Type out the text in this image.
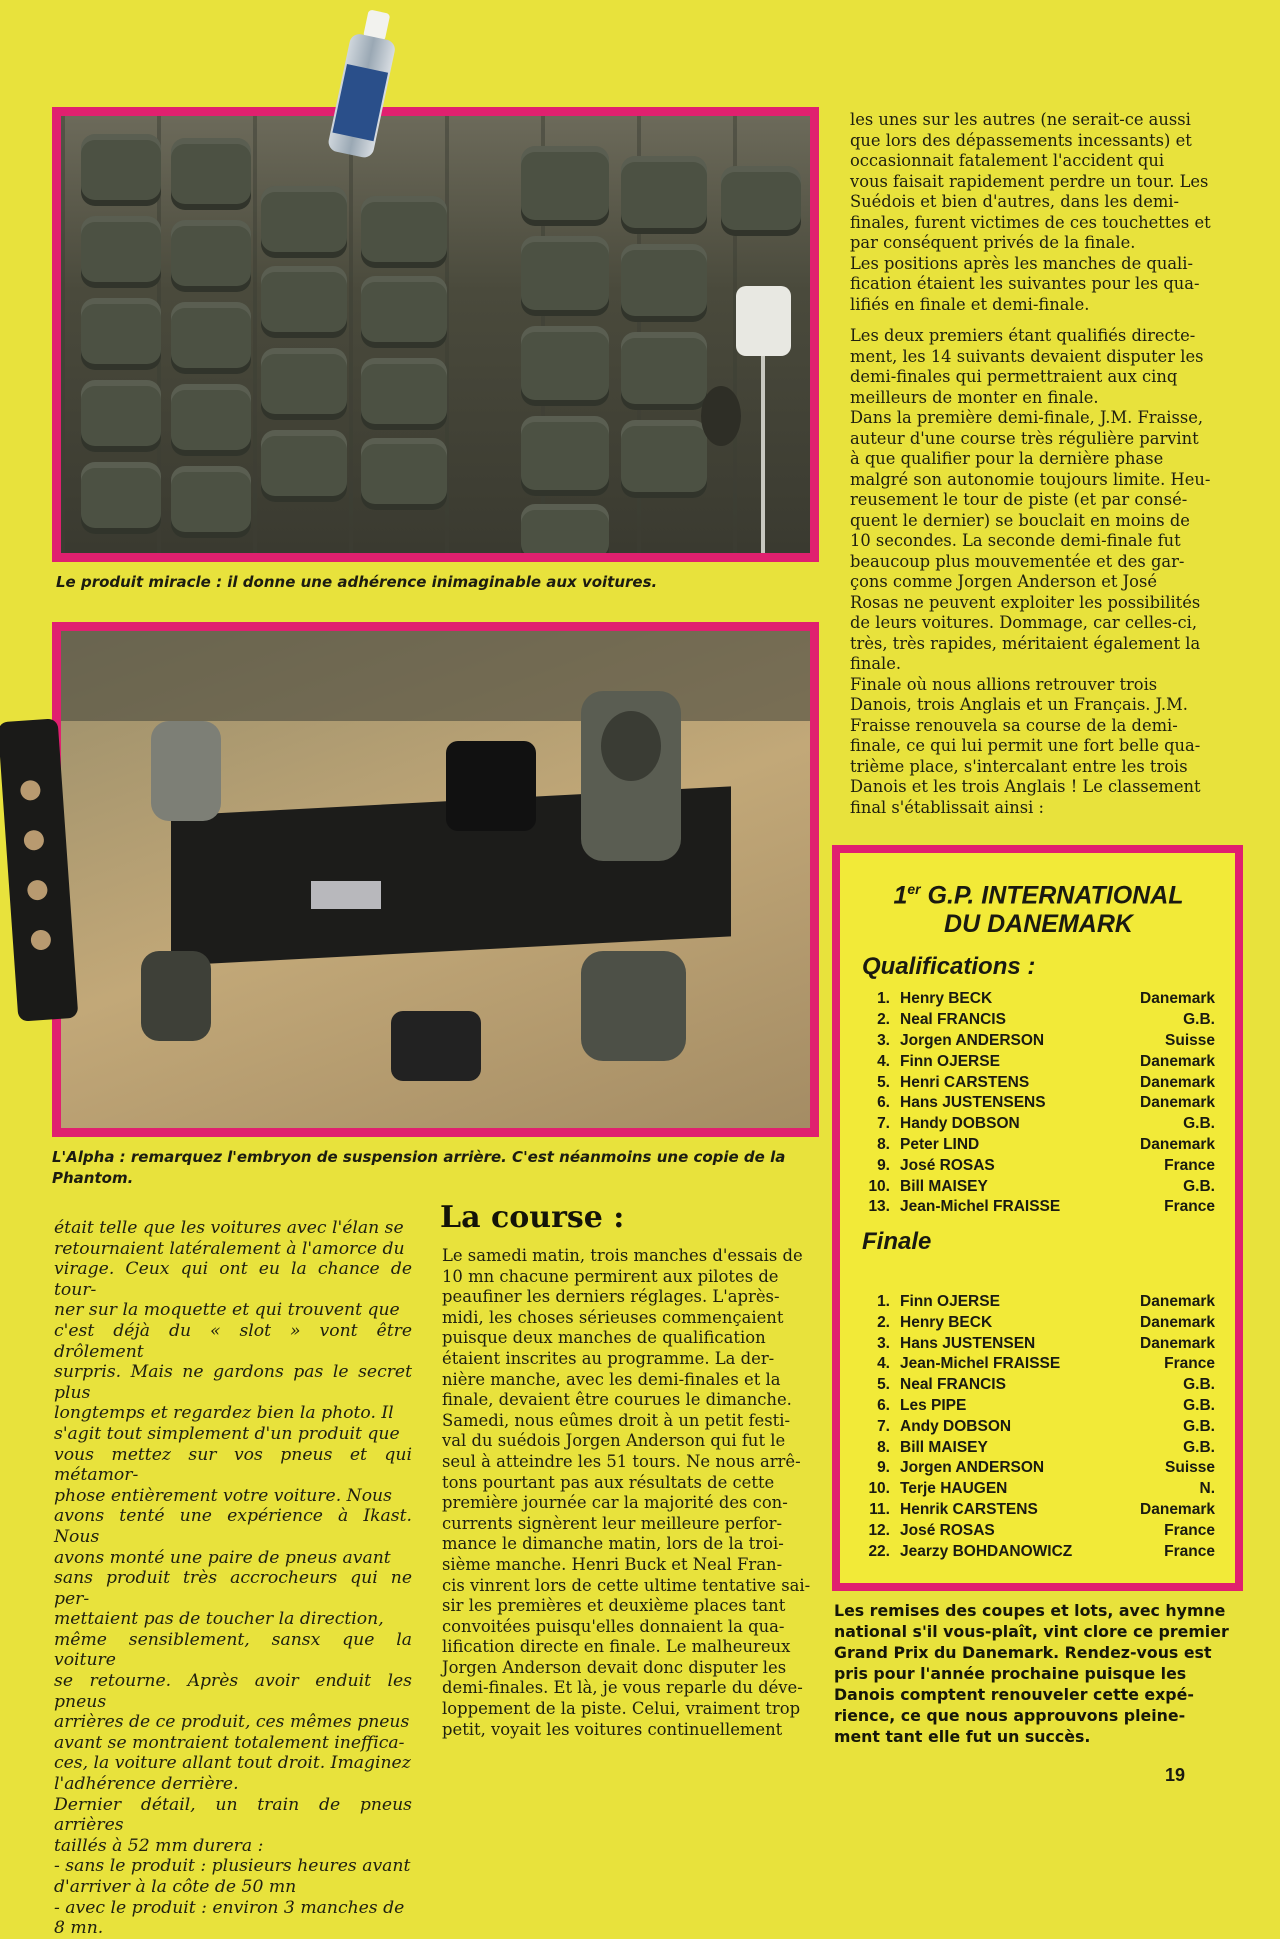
Le produit miracle : il donne une adhérence inimaginable aux voitures.
L'Alpha : remarquez l'embryon de suspension arrière. C'est néanmoins une copie de la
Phantom.
était telle que les voitures avec l'élan se
retournaient latéralement à l'amorce du
virage. Ceux qui ont eu la chance de tour-
ner sur la moquette et qui trouvent que
c'est déjà du « slot » vont être drôlement
surpris. Mais ne gardons pas le secret plus
longtemps et regardez bien la photo. Il
s'agit tout simplement d'un produit que
vous mettez sur vos pneus et qui métamor-
phose entièrement votre voiture. Nous
avons tenté une expérience à Ikast. Nous
avons monté une paire de pneus avant
sans produit très accrocheurs qui ne per-
mettaient pas de toucher la direction,
même sensiblement, sansx que la voiture
se retourne. Après avoir enduit les pneus
arrières de ce produit, ces mêmes pneus
avant se montraient totalement inefficа-
ces, la voiture allant tout droit. Imaginez
l'adhérence derrière.
Dernier détail, un train de pneus arrières
taillés à 52 mm durera :
- sans le produit : plusieurs heures avant
d'arriver à la côte de 50 mn
- avec le produit : environ 3 manches de
8 mn.
La course :
Le samedi matin, trois manches d'essais de
10 mn chacune permirent aux pilotes de
peaufiner les derniers réglages. L'après-
midi, les choses sérieuses commençaient
puisque deux manches de qualification
étaient inscrites au programme. La der-
nière manche, avec les demi-finales et la
finale, devaient être courues le dimanche.
Samedi, nous eûmes droit à un petit festi-
val du suédois Jorgen Anderson qui fut le
seul à atteindre les 51 tours. Ne nous arrê-
tons pourtant pas aux résultats de cette
première journée car la majorité des con-
currents signèrent leur meilleure perfor-
mance le dimanche matin, lors de la troi-
sième manche. Henri Buck et Neal Fran-
cis vinrent lors de cette ultime tentative sai-
sir les premières et deuxième places tant
convoitées puisqu'elles donnaient la qua-
lification directe en finale. Le malheureux
Jorgen Anderson devait donc disputer les
demi-finales. Et là, je vous reparle du déve-
loppement de la piste. Celui, vraiment trop
petit, voyait les voitures continuellement
les unes sur les autres (ne serait-ce aussi
que lors des dépassements incessants) et
occasionnait fatalement l'accident qui
vous faisait rapidement perdre un tour. Les
Suédois et bien d'autres, dans les demi-
finales, furent victimes de ces touchettes et
par conséquent privés de la finale.
Les positions après les manches de quali-
fication étaient les suivantes pour les qua-
lifiés en finale et demi-finale.
Les deux premiers étant qualifiés directe-
ment, les 14 suivants devaient disputer les
demi-finales qui permettraient aux cinq
meilleurs de monter en finale.
Dans la première demi-finale, J.M. Fraisse,
auteur d'une course très régulière parvint
à que qualifier pour la dernière phase
malgré son autonomie toujours limite. Heu-
reusement le tour de piste (et par consé-
quent le dernier) se bouclait en moins de
10 secondes. La seconde demi-finale fut
beaucoup plus mouvementée et des gar-
çons comme Jorgen Anderson et José
Rosas ne peuvent exploiter les possibilités
de leurs voitures. Dommage, car celles-ci,
très, très rapides, méritaient également la
finale.
Finale où nous allions retrouver trois
Danois, trois Anglais et un Français. J.M.
Fraisse renouvela sa course de la demi-
finale, ce qui lui permit une fort belle qua-
trième place, s'intercalant entre les trois
Danois et les trois Anglais ! Le classement
final s'établissait ainsi :
1er G.P. INTERNATIONAL
DU DANEMARK
Qualifications :
1. Henry BECK	Danemark
2. Neal FRANCIS	G.B.
3. Jorgen ANDERSON	Suisse
4. Finn OJERSE	Danemark
5. Henri CARSTENS	Danemark
6. Hans JUSTENSENS	Danemark
7. Handy DOBSON	G.B.
8. Peter LIND	Danemark
9. José ROSAS	France
10. Bill MAISEY	G.B.
13. Jean-Michel FRAISSE	France
Finale
1. Finn OJERSE	Danemark
2. Henry BECK	Danemark
3. Hans JUSTENSEN	Danemark
4. Jean-Michel FRAISSE	France
5. Neal FRANCIS	G.B.
6. Les PIPE	G.B.
7. Andy DOBSON	G.B.
8. Bill MAISEY	G.B.
9. Jorgen ANDERSON	Suisse
10. Terje HAUGEN	N.
11. Henrik CARSTENS	Danemark
12. José ROSAS	France
22. Jearzy BOHDANOWICZ	France
Les remises des coupes et lots, avec hymne
national s'il vous-plaît, vint clore ce premier
Grand Prix du Danemark. Rendez-vous est
pris pour l'année prochaine puisque les
Danois comptent renouveler cette expé-
rience, ce que nous approuvons pleine-
ment tant elle fut un succès.
19
